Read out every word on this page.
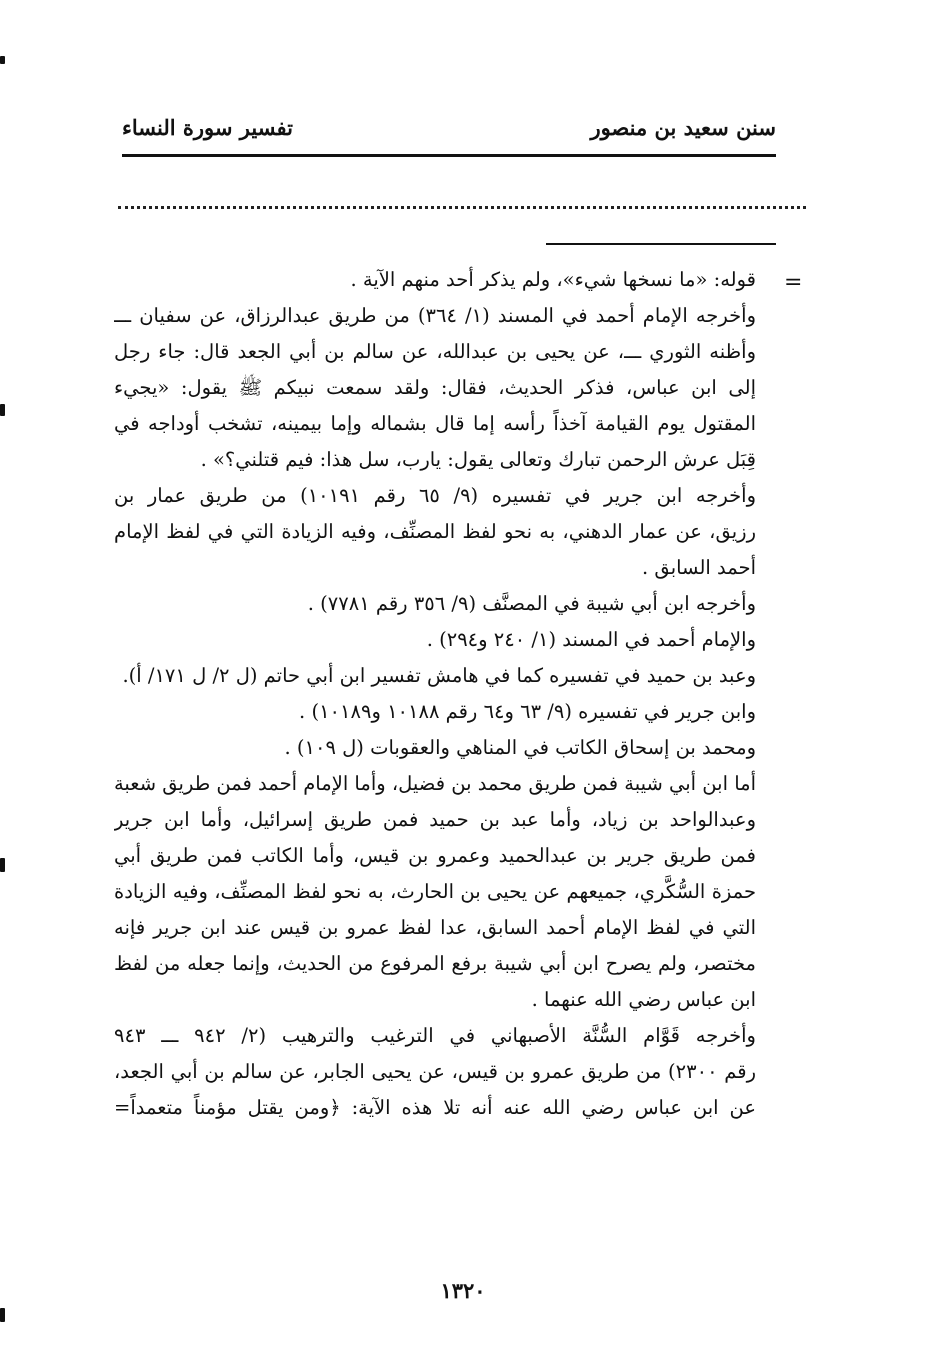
سنن سعيد بن منصور
تفسير سورة النساء
=
قوله: «ما نسخها شيء»، ولم يذكر أحد منهم الآية .
وأخرجه الإمام أحمد في المسند (١/ ٣٦٤) من طريق عبدالرزاق، عن سفيان ـــ
وأظنه الثوري ـــ، عن يحيى بن عبدالله، عن سالم بن أبي الجعد قال: جاء رجل
إلى ابن عباس، فذكر الحديث، فقال: ولقد سمعت نبيكم ﷺ يقول: «يجيء
المقتول يوم القيامة آخذاً رأسه إما قال بشماله وإما بيمينه، تشخب أوداجه في
قِبَل عرش الرحمن تبارك وتعالى يقول: يارب، سل هذا: فيم قتلني؟» .
وأخرجه ابن جرير في تفسيره (٩/ ٦٥ رقم ١٠١٩١) من طريق عمار بن
رزيق، عن عمار الدهني، به نحو لفظ المصنِّف، وفيه الزيادة التي في لفظ الإمام
أحمد السابق .
وأخرجه ابن أبي شيبة في المصنَّف (٩/ ٣٥٦ رقم ٧٧٨١) .
والإمام أحمد في المسند (١/ ٢٤٠ و٢٩٤) .
وعبد بن حميد في تفسيره كما في هامش تفسير ابن أبي حاتم (ل ٢/ ل ١٧١/ أ).
وابن جرير في تفسيره (٩/ ٦٣ و٦٤ رقم ١٠١٨٨ و١٠١٨٩) .
ومحمد بن إسحاق الكاتب في المناهي والعقوبات (ل ١٠٩) .
أما ابن أبي شيبة فمن طريق محمد بن فضيل، وأما الإمام أحمد فمن طريق شعبة
وعبدالواحد بن زياد، وأما عبد بن حميد فمن طريق إسرائيل، وأما ابن جرير
فمن طريق جرير بن عبدالحميد وعمرو بن قيس، وأما الكاتب فمن طريق أبي
حمزة السُّكَّري، جميعهم عن يحيى بن الحارث، به نحو لفظ المصنِّف، وفيه الزيادة
التي في لفظ الإمام أحمد السابق، عدا لفظ عمرو بن قيس عند ابن جرير فإنه
مختصر، ولم يصرح ابن أبي شيبة برفع المرفوع من الحديث، وإنما جعله من لفظ
ابن عباس رضي الله عنهما .
وأخرجه قَوَّام السُّنَّة الأصبهاني في الترغيب والترهيب (٢/ ٩٤٢ ـــ ٩٤٣
رقم ٢٣٠٠) من طريق عمرو بن قيس، عن يحيى الجابر، عن سالم بن أبي الجعد،
عن ابن عباس رضي الله عنه أنه تلا هذه الآية: ﴿ومن يقتل مؤمناً متعمداً=
١٣٢٠
